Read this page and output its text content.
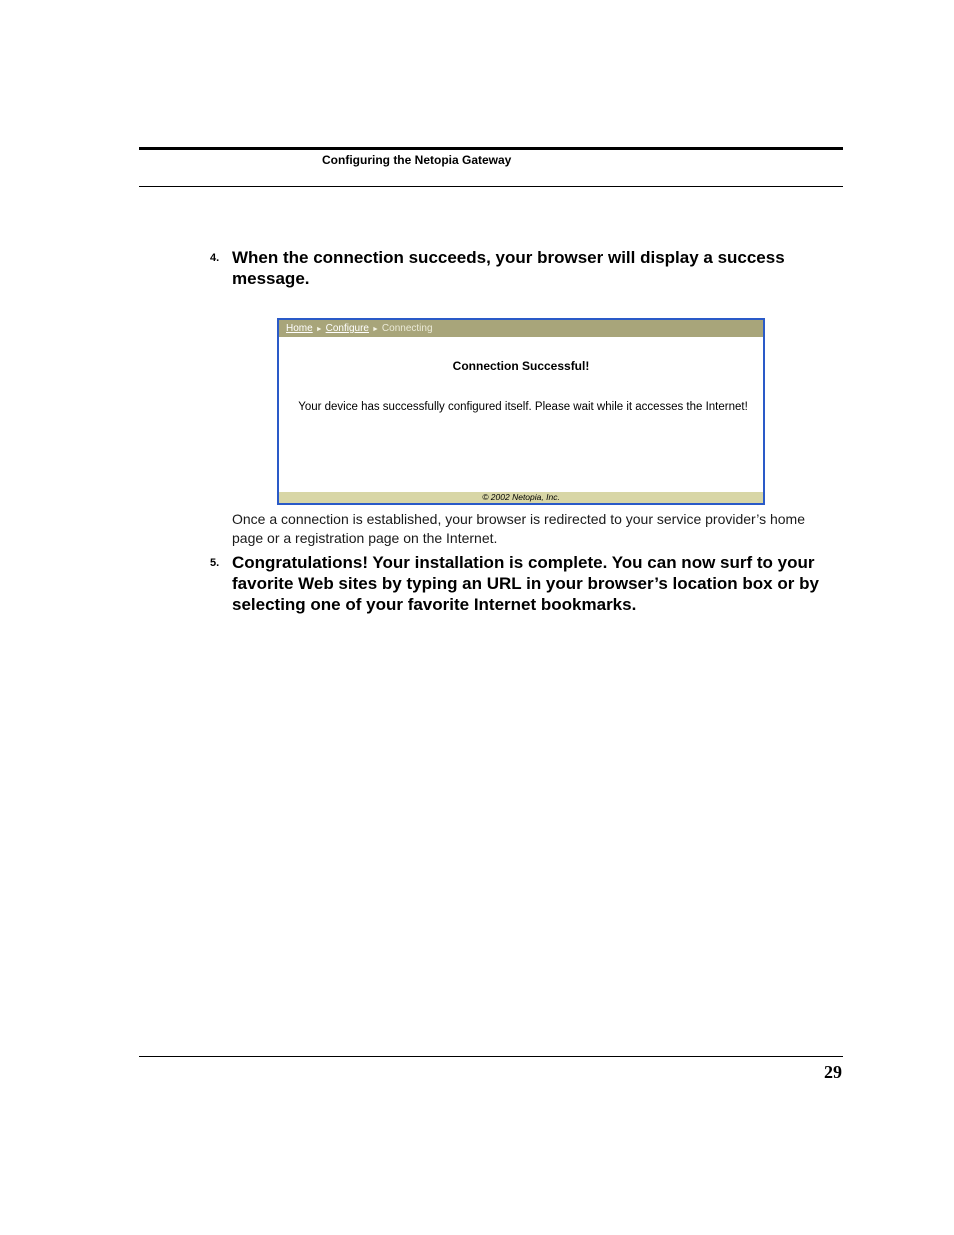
Configuring the Netopia Gateway
4. When the connection succeeds, your browser will display a success message.
Home ► Configure ► Connecting
Connection Successful!
Your device has successfully configured itself. Please wait while it accesses the Internet!
© 2002 Netopia, Inc.
Once a connection is established, your browser is redirected to your service provider’s home page or a registration page on the Internet.
5. Congratulations! Your installation is complete. You can now surf to your favorite Web sites by typing an URL in your browser’s location box or by selecting one of your favorite Internet bookmarks.
29
